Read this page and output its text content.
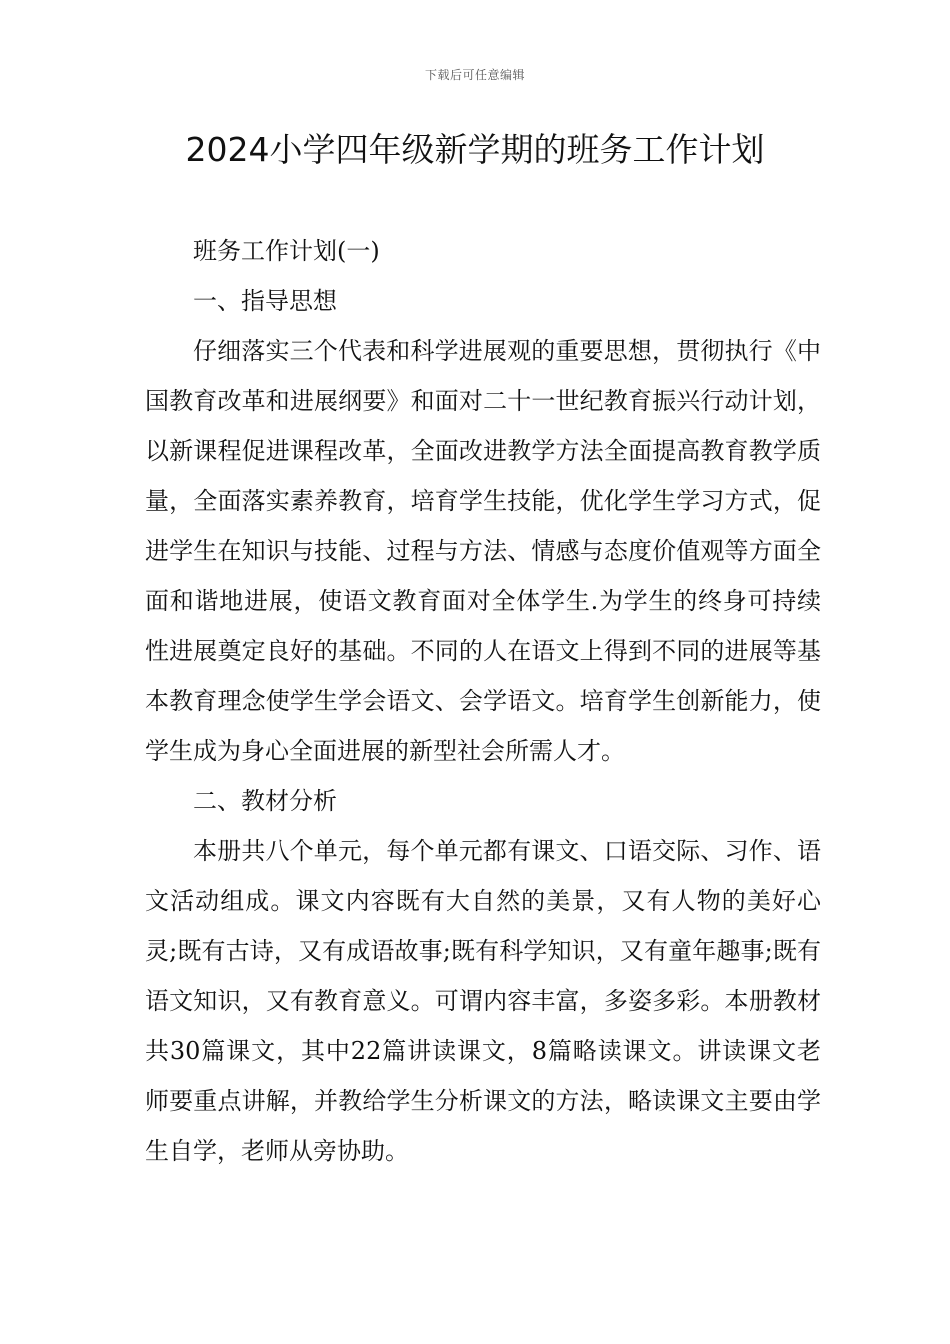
下载后可任意编辑
2024小学四年级新学期的班务工作计划

班务工作计划(一)

一、指导思想

仔细落实三个代表和科学进展观的重要思想，贯彻执行《中国教育改革和进展纲要》和面对二十一世纪教育振兴行动计划，以新课程促进课程改革，全面改进教学方法全面提高教育教学质量，全面落实素养教育，培育学生技能，优化学生学习方式，促进学生在知识与技能、过程与方法、情感与态度价值观等方面全面和谐地进展，使语文教育面对全体学生.为学生的终身可持续性进展奠定良好的基础。不同的人在语文上得到不同的进展等基本教育理念使学生学会语文、会学语文。培育学生创新能力，使学生成为身心全面进展的新型社会所需人才。

二、教材分析

本册共八个单元，每个单元都有课文、口语交际、习作、语文活动组成。课文内容既有大自然的美景，又有人物的美好心灵;既有古诗，又有成语故事;既有科学知识，又有童年趣事;既有语文知识，又有教育意义。可谓内容丰富，多姿多彩。本册教材共30篇课文，其中22篇讲读课文，8篇略读课文。讲读课文老师要重点讲解，并教给学生分析课文的方法，略读课文主要由学生自学，老师从旁协助。
